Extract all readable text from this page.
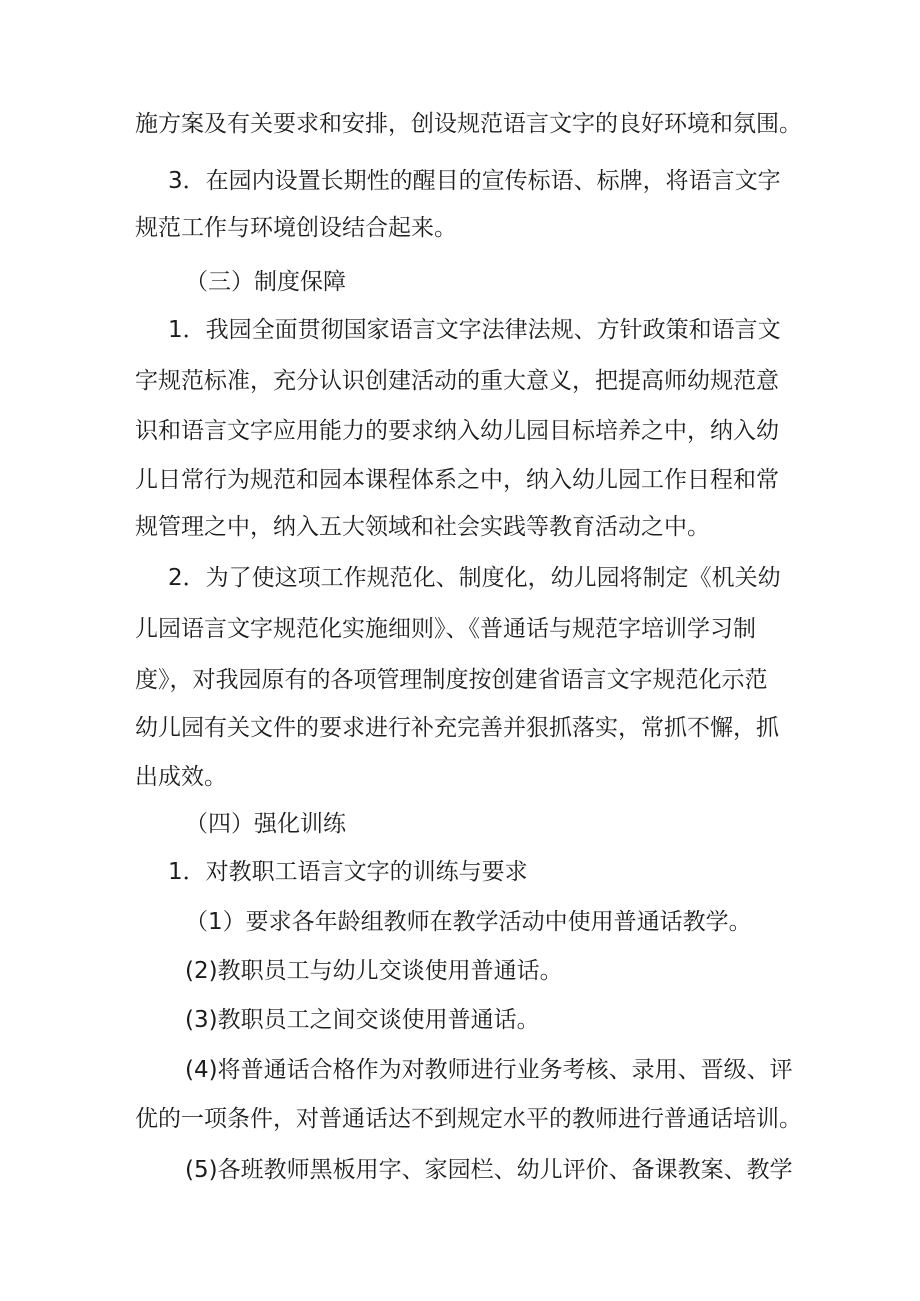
施方案及有关要求和安排，创设规范语言文字的良好环境和氛围。
3．在园内设置长期性的醒目的宣传标语、标牌，将语言文字
规范工作与环境创设结合起来。
（三）制度保障
1．我园全面贯彻国家语言文字法律法规、方针政策和语言文
字规范标准，充分认识创建活动的重大意义，把提高师幼规范意
识和语言文字应用能力的要求纳入幼儿园目标培养之中，纳入幼
儿日常行为规范和园本课程体系之中，纳入幼儿园工作日程和常
规管理之中，纳入五大领域和社会实践等教育活动之中。
2．为了使这项工作规范化、制度化，幼儿园将制定《机关幼
儿园语言文字规范化实施细则》、《普通话与规范字培训学习制
度》，对我园原有的各项管理制度按创建省语言文字规范化示范
幼儿园有关文件的要求进行补充完善并狠抓落实，常抓不懈，抓
出成效。
（四）强化训练
1．对教职工语言文字的训练与要求
（1）要求各年龄组教师在教学活动中使用普通话教学。
(2)教职员工与幼儿交谈使用普通话。
(3)教职员工之间交谈使用普通话。
(4)将普通话合格作为对教师进行业务考核、录用、晋级、评
优的一项条件，对普通话达不到规定水平的教师进行普通话培训。
(5)各班教师黑板用字、家园栏、幼儿评价、备课教案、教学
